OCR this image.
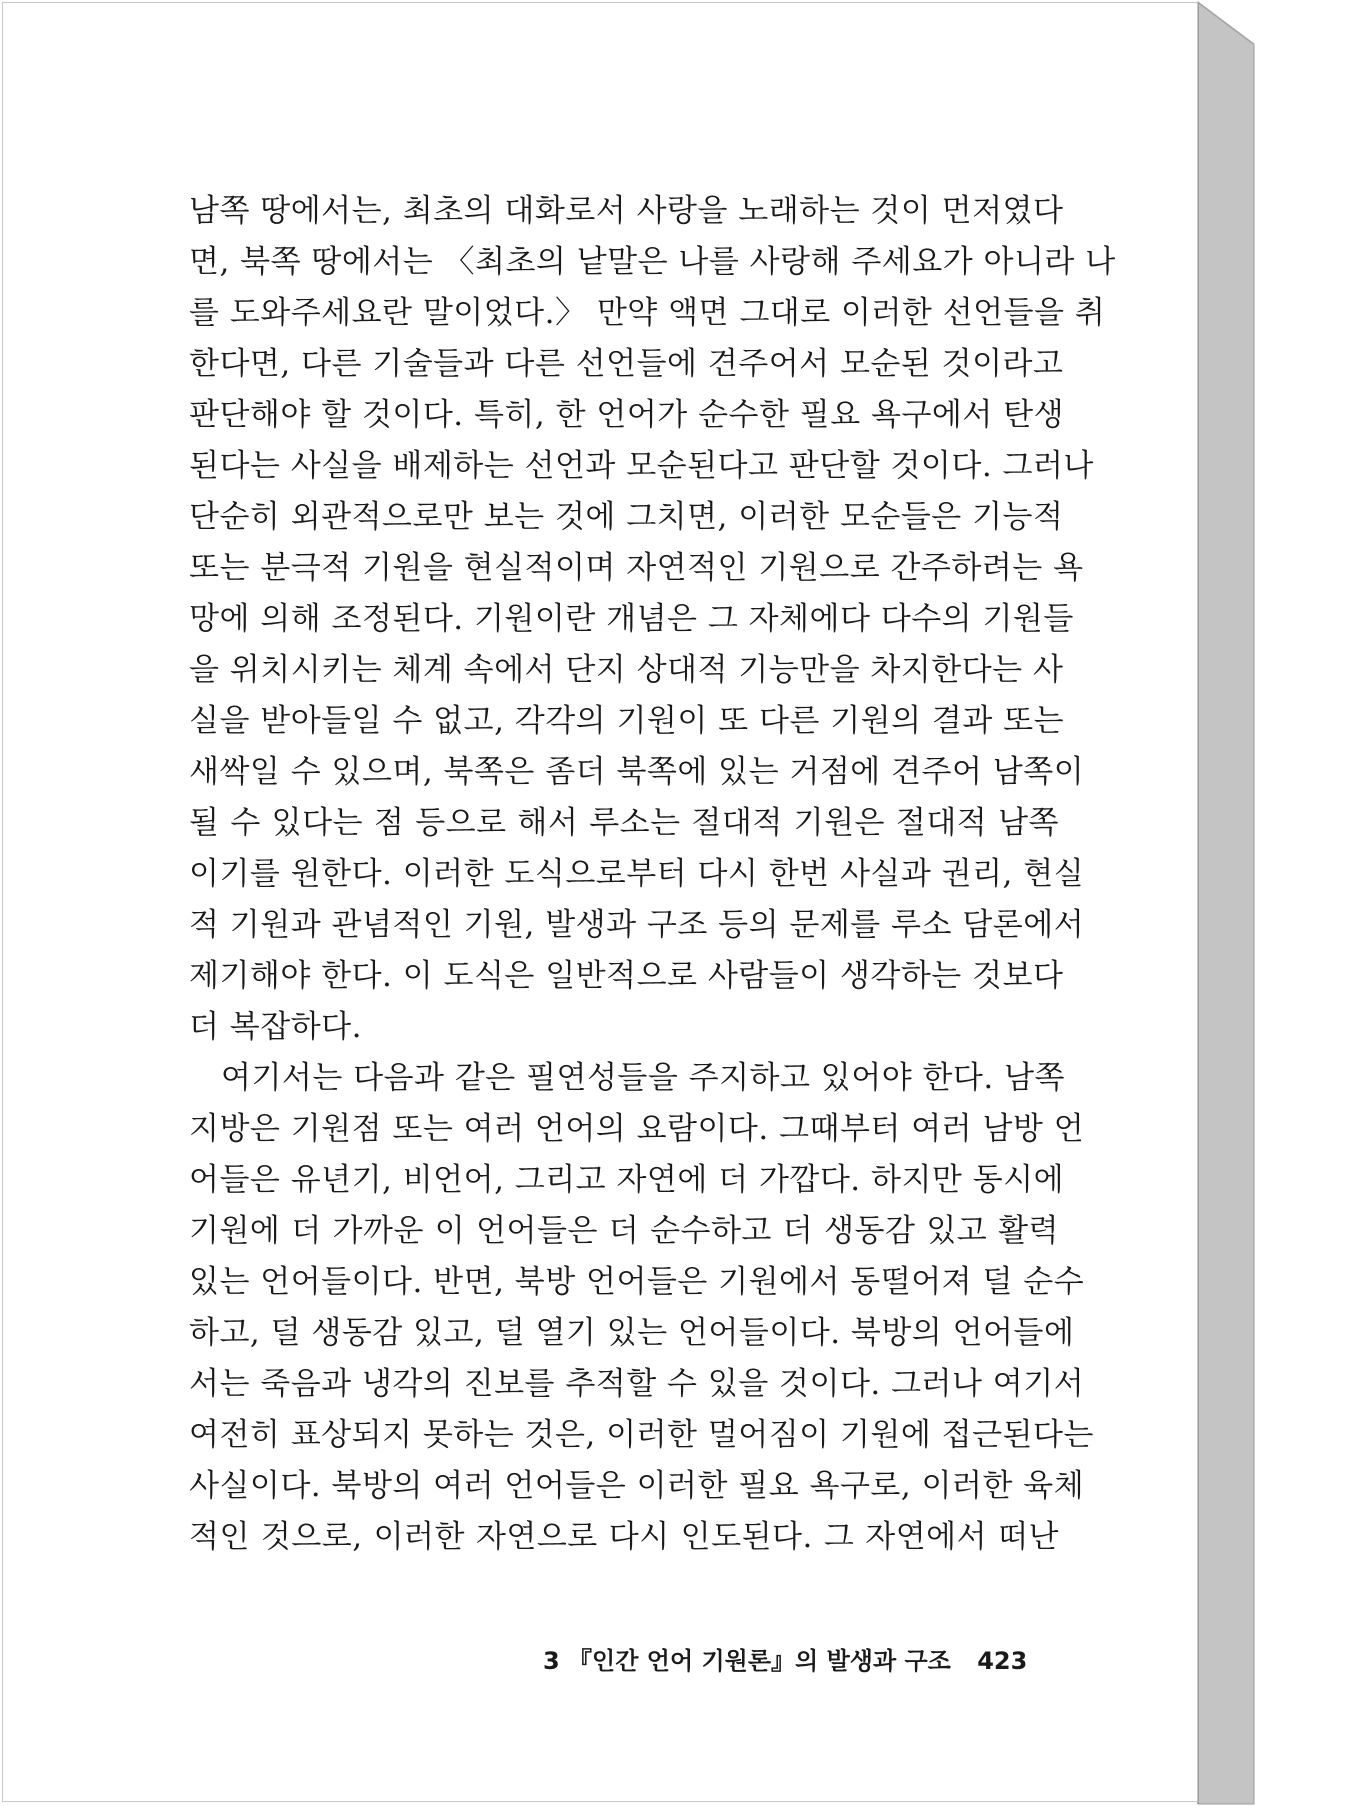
남쪽 땅에서는, 최초의 대화로서 사랑을 노래하는 것이 먼저였다
면, 북쪽 땅에서는 〈최초의 낱말은 나를 사랑해 주세요가 아니라 나
를 도와주세요란 말이었다.〉 만약 액면 그대로 이러한 선언들을 취
한다면, 다른 기술들과 다른 선언들에 견주어서 모순된 것이라고
판단해야 할 것이다. 특히, 한 언어가 순수한 필요 욕구에서 탄생
된다는 사실을 배제하는 선언과 모순된다고 판단할 것이다. 그러나
단순히 외관적으로만 보는 것에 그치면, 이러한 모순들은 기능적
또는 분극적 기원을 현실적이며 자연적인 기원으로 간주하려는 욕
망에 의해 조정된다. 기원이란 개념은 그 자체에다 다수의 기원들
을 위치시키는 체계 속에서 단지 상대적 기능만을 차지한다는 사
실을 받아들일 수 없고, 각각의 기원이 또 다른 기원의 결과 또는
새싹일 수 있으며, 북쪽은 좀더 북쪽에 있는 거점에 견주어 남쪽이
될 수 있다는 점 등으로 해서 루소는 절대적 기원은 절대적 남쪽
이기를 원한다. 이러한 도식으로부터 다시 한번 사실과 권리, 현실
적 기원과 관념적인 기원, 발생과 구조 등의 문제를 루소 담론에서
제기해야 한다. 이 도식은 일반적으로 사람들이 생각하는 것보다
더 복잡하다.
여기서는 다음과 같은 필연성들을 주지하고 있어야 한다. 남쪽
지방은 기원점 또는 여러 언어의 요람이다. 그때부터 여러 남방 언
어들은 유년기, 비언어, 그리고 자연에 더 가깝다. 하지만 동시에
기원에 더 가까운 이 언어들은 더 순수하고 더 생동감 있고 활력
있는 언어들이다. 반면, 북방 언어들은 기원에서 동떨어져 덜 순수
하고, 덜 생동감 있고, 덜 열기 있는 언어들이다. 북방의 언어들에
서는 죽음과 냉각의 진보를 추적할 수 있을 것이다. 그러나 여기서
여전히 표상되지 못하는 것은, 이러한 멀어짐이 기원에 접근된다는
사실이다. 북방의 여러 언어들은 이러한 필요 욕구로, 이러한 육체
적인 것으로, 이러한 자연으로 다시 인도된다. 그 자연에서 떠난
3 『인간 언어 기원론』의 발생과 구조 423
